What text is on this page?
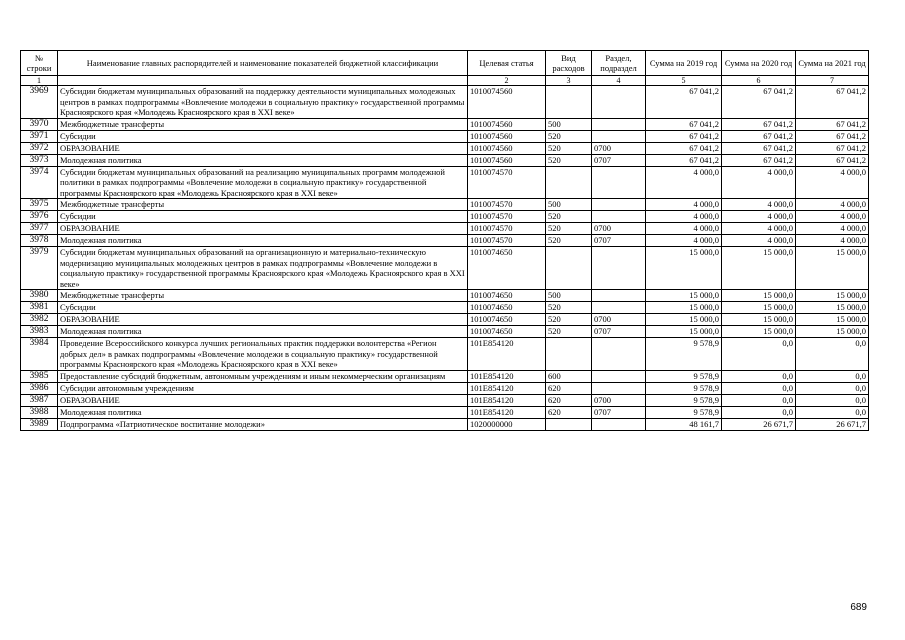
№ строки	Наименование главных распорядителей и наименование показателей бюджетной классификации	Целевая статья	Вид расходов	Раздел, подраздел	Сумма на 2019 год	Сумма на 2020 год	Сумма на 2021 год
1		2	3	4	5	6	7
3969	Субсидии бюджетам муниципальных образований на поддержку деятельности муниципальных молодежных центров в рамках подпрограммы «Вовлечение молодежи в социальную практику» государственной программы Красноярского края «Молодежь Красноярского края в XXI веке»	1010074560			67 041,2	67 041,2	67 041,2
3970	Межбюджетные трансферты	1010074560	500		67 041,2	67 041,2	67 041,2
3971	Субсидии	1010074560	520		67 041,2	67 041,2	67 041,2
3972	ОБРАЗОВАНИЕ	1010074560	520	0700	67 041,2	67 041,2	67 041,2
3973	Молодежная политика	1010074560	520	0707	67 041,2	67 041,2	67 041,2
3974	Субсидии бюджетам муниципальных образований на реализацию муниципальных программ молодежной политики в рамках подпрограммы «Вовлечение молодежи в социальную практику» государственной программы Красноярского края «Молодежь Красноярского края в XXI веке»	1010074570			4 000,0	4 000,0	4 000,0
3975	Межбюджетные трансферты	1010074570	500		4 000,0	4 000,0	4 000,0
3976	Субсидии	1010074570	520		4 000,0	4 000,0	4 000,0
3977	ОБРАЗОВАНИЕ	1010074570	520	0700	4 000,0	4 000,0	4 000,0
3978	Молодежная политика	1010074570	520	0707	4 000,0	4 000,0	4 000,0
3979	Субсидии бюджетам муниципальных образований на организационную и материально-техническую модернизацию муниципальных молодежных центров в рамках подпрограммы «Вовлечение молодежи в социальную практику» государственной программы Красноярского края «Молодежь Красноярского края в XXI веке»	1010074650			15 000,0	15 000,0	15 000,0
3980	Межбюджетные трансферты	1010074650	500		15 000,0	15 000,0	15 000,0
3981	Субсидии	1010074650	520		15 000,0	15 000,0	15 000,0
3982	ОБРАЗОВАНИЕ	1010074650	520	0700	15 000,0	15 000,0	15 000,0
3983	Молодежная политика	1010074650	520	0707	15 000,0	15 000,0	15 000,0
3984	Проведение Всероссийского конкурса лучших региональных практик поддержки волонтерства «Регион добрых дел» в рамках подпрограммы «Вовлечение молодежи в социальную практику» государственной программы Красноярского края «Молодежь Красноярского края в XXI веке»	101E854120			9 578,9	0,0	0,0
3985	Предоставление субсидий бюджетным, автономным учреждениям и иным некоммерческим организациям	101E854120	600		9 578,9	0,0	0,0
3986	Субсидии автономным учреждениям	101E854120	620		9 578,9	0,0	0,0
3987	ОБРАЗОВАНИЕ	101E854120	620	0700	9 578,9	0,0	0,0
3988	Молодежная политика	101E854120	620	0707	9 578,9	0,0	0,0
3989	Подпрограмма «Патриотическое воспитание молодежи»	1020000000			48 161,7	26 671,7	26 671,7
689
